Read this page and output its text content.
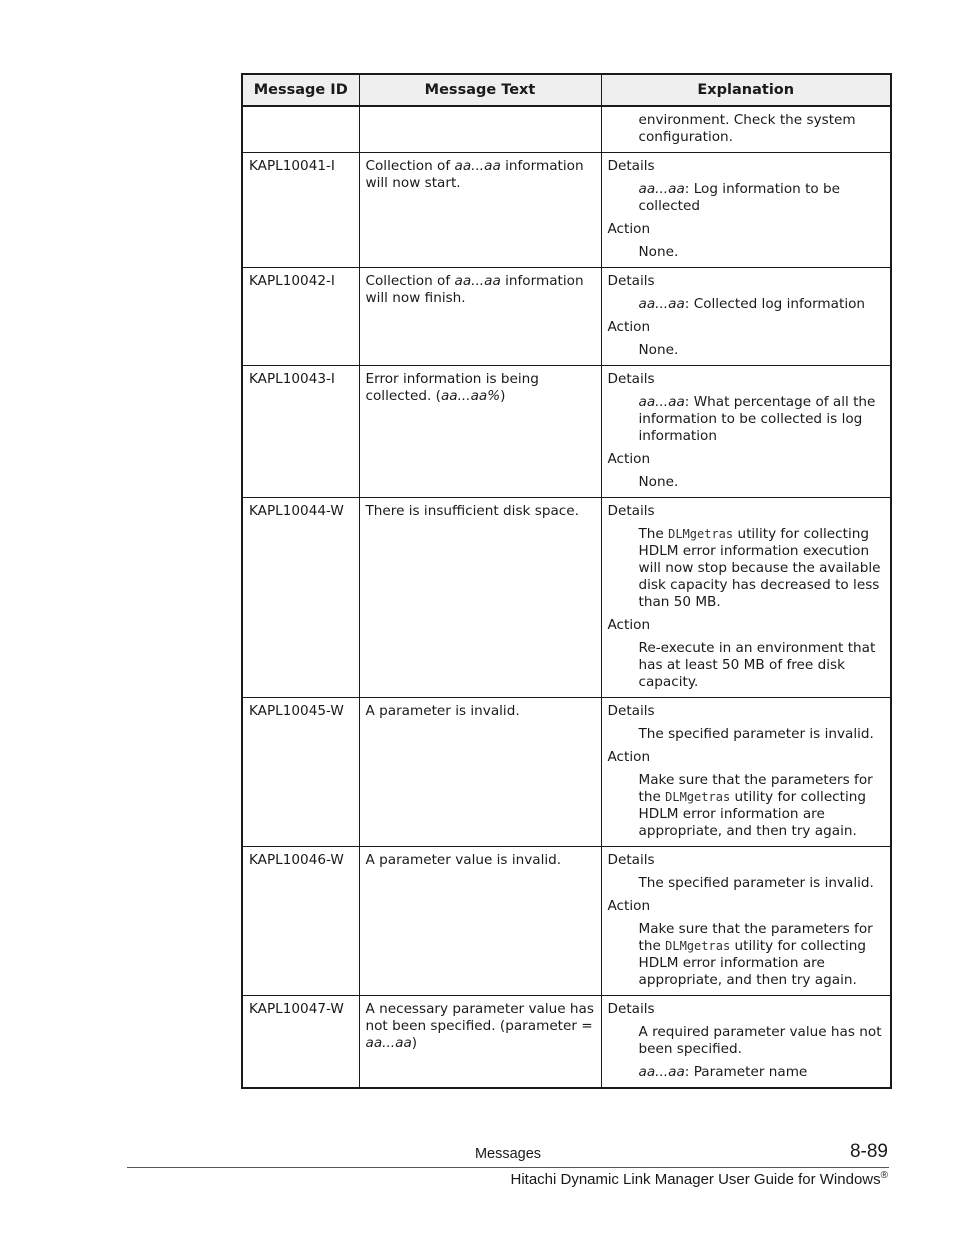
Message ID	Message Text	Explanation

		environment. Check the system configuration.

KAPL10041-I	Collection of aa...aa information will now start.	Details

aa...aa: Log information to be collected

Action

None.

KAPL10042-I	Collection of aa...aa information will now finish.	Details

aa...aa: Collected log information

Action

None.

KAPL10043-I	Error information is being collected. (aa...aa%)	Details

aa...aa: What percentage of all the information to be collected is log information

Action

None.

KAPL10044-W	There is insufficient disk space.	Details

The DLMgetras utility for collecting HDLM error information execution will now stop because the available disk capacity has decreased to less than 50 MB.

Action

Re-execute in an environment that has at least 50 MB of free disk capacity.

KAPL10045-W	A parameter is invalid.	Details

The specified parameter is invalid.

Action

Make sure that the parameters for the DLMgetras utility for collecting HDLM error information are appropriate, and then try again.

KAPL10046-W	A parameter value is invalid.	Details

The specified parameter is invalid.

Action

Make sure that the parameters for the DLMgetras utility for collecting HDLM error information are appropriate, and then try again.

KAPL10047-W	A necessary parameter value has not been specified. (parameter = aa...aa)	Details

A required parameter value has not been specified.

aa...aa: Parameter name

Messages	8-89
Hitachi Dynamic Link Manager User Guide for Windows®
